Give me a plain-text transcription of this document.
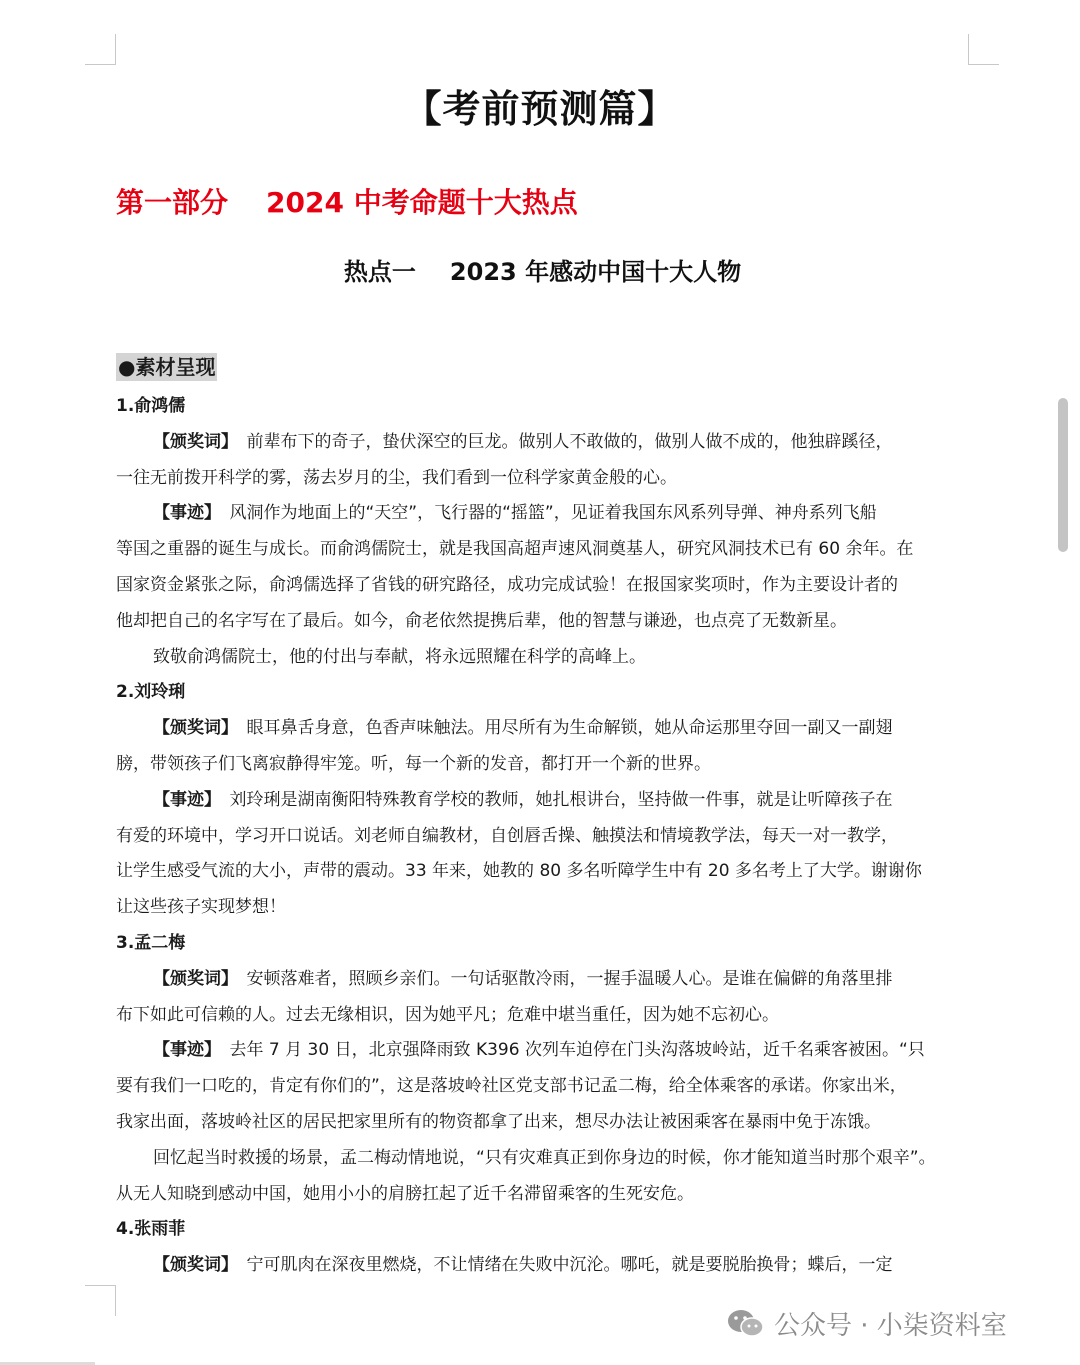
【考前预测篇】
第一部分 2024 中考命题十大热点
热点一 2023 年感动中国十大人物
●素材呈现
1.俞鸿儒
【颁奖词】　前辈布下的奇子，蛰伏深空的巨龙。做别人不敢做的，做别人做不成的，他独辟蹊径，
一往无前拨开科学的雾，荡去岁月的尘，我们看到一位科学家黄金般的心。
【事迹】　风洞作为地面上的“天空”，飞行器的“摇篮”，见证着我国东风系列导弹、神舟系列飞船
等国之重器的诞生与成长。而俞鸿儒院士，就是我国高超声速风洞奠基人，研究风洞技术已有 60 余年。在
国家资金紧张之际，俞鸿儒选择了省钱的研究路径，成功完成试验！在报国家奖项时，作为主要设计者的
他却把自己的名字写在了最后。如今，俞老依然提携后辈，他的智慧与谦逊，也点亮了无数新星。
致敬俞鸿儒院士，他的付出与奉献，将永远照耀在科学的高峰上。
2.刘玲琍
【颁奖词】　眼耳鼻舌身意，色香声味触法。用尽所有为生命解锁，她从命运那里夺回一副又一副翅
膀，带领孩子们飞离寂静得牢笼。听，每一个新的发音，都打开一个新的世界。
【事迹】　刘玲琍是湖南衡阳特殊教育学校的教师，她扎根讲台，坚持做一件事，就是让听障孩子在
有爱的环境中，学习开口说话。刘老师自编教材，自创唇舌操、触摸法和情境教学法，每天一对一教学，
让学生感受气流的大小，声带的震动。33 年来，她教的 80 多名听障学生中有 20 多名考上了大学。谢谢你
让这些孩子实现梦想！
3.孟二梅
【颁奖词】　安顿落难者，照顾乡亲们。一句话驱散冷雨，一握手温暖人心。是谁在偏僻的角落里排
布下如此可信赖的人。过去无缘相识，因为她平凡；危难中堪当重任，因为她不忘初心。
【事迹】　去年 7 月 30 日，北京强降雨致 K396 次列车迫停在门头沟落坡岭站，近千名乘客被困。“只
要有我们一口吃的，肯定有你们的”，这是落坡岭社区党支部书记孟二梅，给全体乘客的承诺。你家出米，
我家出面，落坡岭社区的居民把家里所有的物资都拿了出来，想尽办法让被困乘客在暴雨中免于冻饿。
回忆起当时救援的场景，孟二梅动情地说，“只有灾难真正到你身边的时候，你才能知道当时那个艰辛”。
从无人知晓到感动中国，她用小小的肩膀扛起了近千名滞留乘客的生死安危。
4.张雨菲
【颁奖词】　宁可肌肉在深夜里燃烧，不让情绪在失败中沉沦。哪吒，就是要脱胎换骨；蝶后，一定
公众号 · 小柒资料室
